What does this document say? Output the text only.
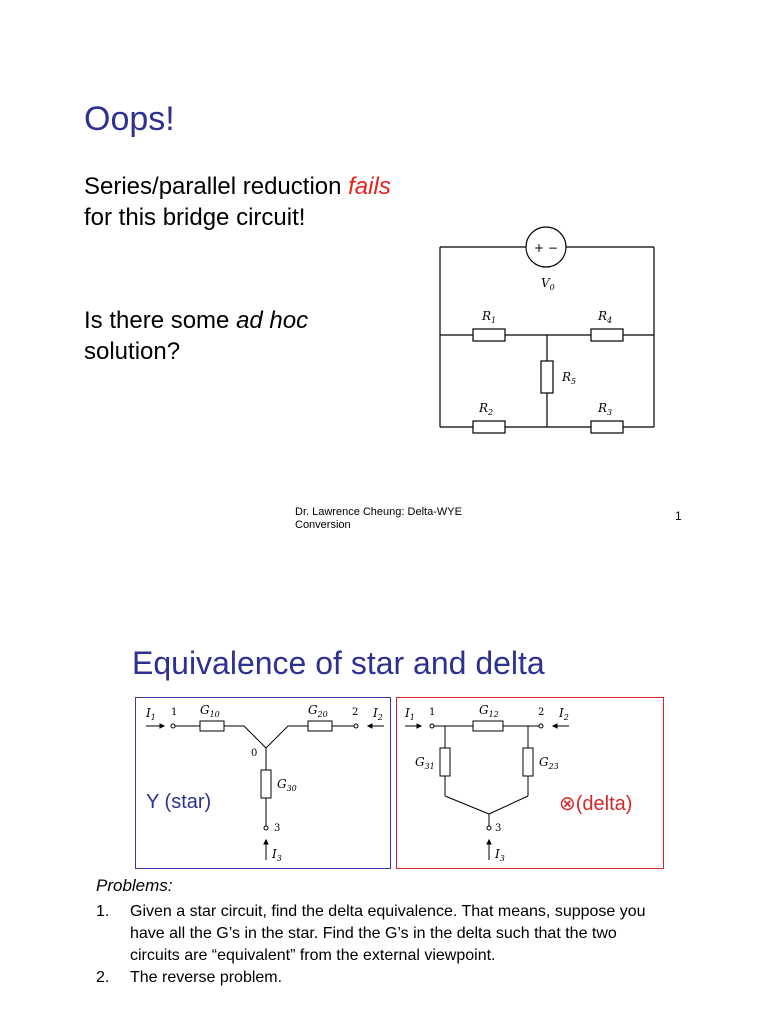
Oops!
Series/parallel reduction fails
for this bridge circuit!
Is there some ad hoc
solution?
+ −
$V_0$
$R_1$	$R_4$
$R_5$
$R_2$	$R_3$
Dr. Lawrence Cheung: Delta-WYE
Conversion
1
Equivalence of star and delta
$I_1$ 1 $G_{10}$	$G_{20}$ 2 $I_2$
0
$G_{30}$
3
$I_3$
Y (star)
$I_1$ 1	$G_{12}$	2 $I_2$
$G_{31}$	$G_{23}$
3
$I_3$
⊗(delta)
Problems:
1. Given a star circuit, find the delta equivalence. That means, suppose you have all the G’s in the star. Find the G’s in the delta such that the two circuits are “equivalent” from the external viewpoint.
2. The reverse problem.
